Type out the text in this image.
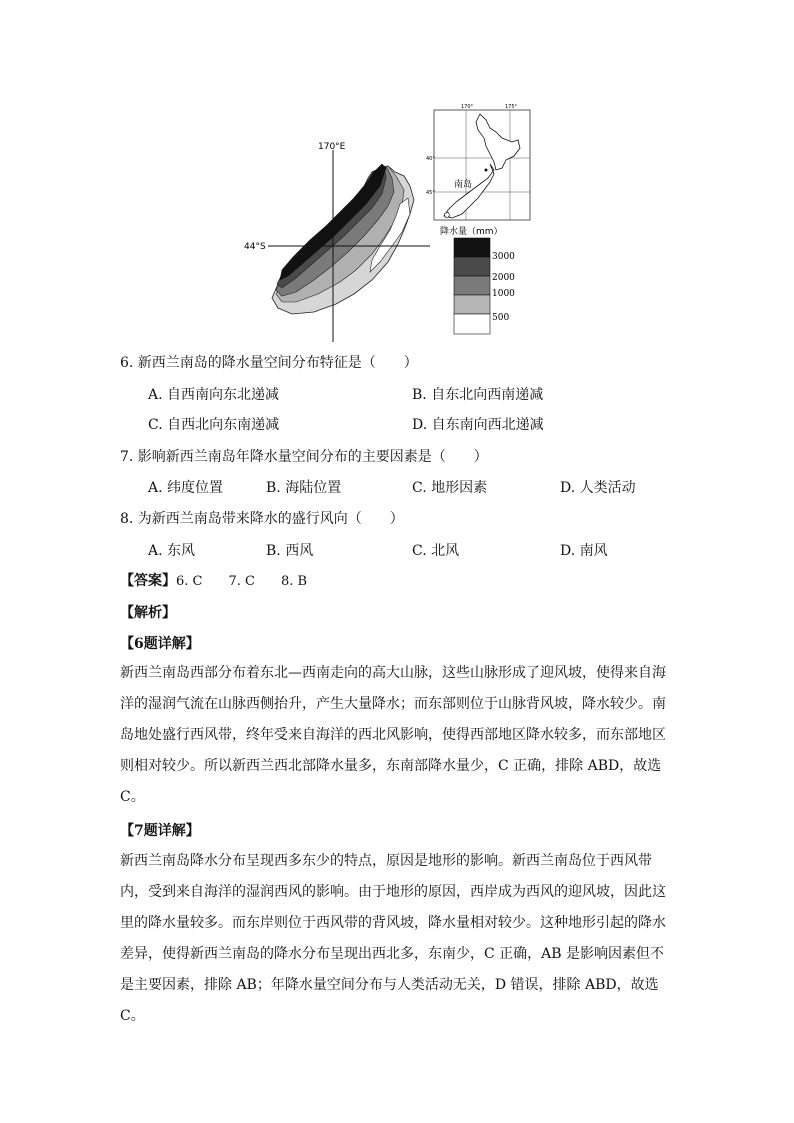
170°E
44°S
170°	175°
40°
45°
南岛
降水量（mm）
3000
2000
1000
500
6. 新西兰南岛的降水量空间分布特征是（　　）
A. 自西南向东北递减	B. 自东北向西南递减
C. 自西北向东南递减	D. 自东南向西北递减
7. 影响新西兰南岛年降水量空间分布的主要因素是（　　）
A. 纬度位置	B. 海陆位置	C. 地形因素	D. 人类活动
8. 为新西兰南岛带来降水的盛行风向（　　）
A. 东风	B. 西风	C. 北风	D. 南风
【答案】6. C　　7. C　　8. B
【解析】
【6题详解】
新西兰南岛西部分布着东北—西南走向的高大山脉，这些山脉形成了迎风坡，使得来自海
洋的湿润气流在山脉西侧抬升，产生大量降水；而东部则位于山脉背风坡，降水较少。南
岛地处盛行西风带，终年受来自海洋的西北风影响，使得西部地区降水较多，而东部地区
则相对较少。所以新西兰西北部降水量多，东南部降水量少，C 正确，排除 ABD，故选
C。
【7题详解】
新西兰南岛降水分布呈现西多东少的特点，原因是地形的影响。新西兰南岛位于西风带
内，受到来自海洋的湿润西风的影响。由于地形的原因，西岸成为西风的迎风坡，因此这
里的降水量较多。而东岸则位于西风带的背风坡，降水量相对较少。这种地形引起的降水
差异，使得新西兰南岛的降水分布呈现出西北多，东南少，C 正确，AB 是影响因素但不
是主要因素，排除 AB；年降水量空间分布与人类活动无关，D 错误，排除 ABD，故选
C。
